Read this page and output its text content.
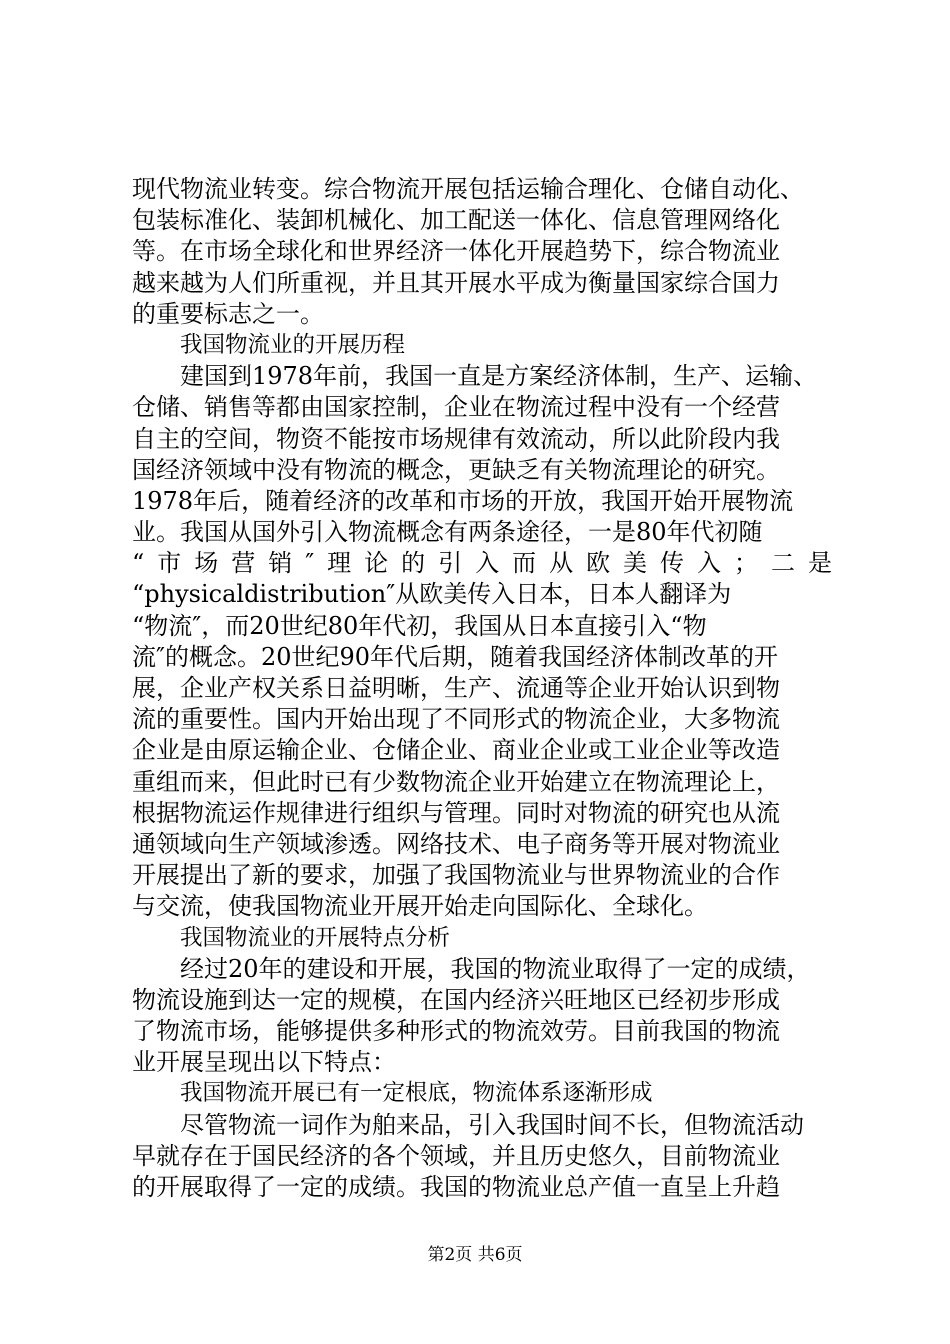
现代物流业转变。综合物流开展包括运输合理化、仓储自动化、
包装标准化、装卸机械化、加工配送一体化、信息管理网络化
等。在市场全球化和世界经济一体化开展趋势下，综合物流业
越来越为人们所重视，并且其开展水平成为衡量国家综合国力
的重要标志之一。
我国物流业的开展历程
建国到1978年前，我国一直是方案经济体制，生产、运输、
仓储、销售等都由国家控制，企业在物流过程中没有一个经营
自主的空间，物资不能按市场规律有效流动，所以此阶段内我
国经济领域中没有物流的概念，更缺乏有关物流理论的研究。
1978年后，随着经济的改革和市场的开放，我国开始开展物流
业。我国从国外引入物流概念有两条途径，一是80年代初随
“市场营销″理论的引入而从欧美传入；二是
“physicaldistribution″从欧美传入日本，日本人翻译为
“物流″，而20世纪80年代初，我国从日本直接引入“物
流″的概念。20世纪90年代后期，随着我国经济体制改革的开
展，企业产权关系日益明晰，生产、流通等企业开始认识到物
流的重要性。国内开始出现了不同形式的物流企业，大多物流
企业是由原运输企业、仓储企业、商业企业或工业企业等改造
重组而来，但此时已有少数物流企业开始建立在物流理论上，
根据物流运作规律进行组织与管理。同时对物流的研究也从流
通领域向生产领域渗透。网络技术、电子商务等开展对物流业
开展提出了新的要求，加强了我国物流业与世界物流业的合作
与交流，使我国物流业开展开始走向国际化、全球化。
我国物流业的开展特点分析
经过20年的建设和开展，我国的物流业取得了一定的成绩，
物流设施到达一定的规模，在国内经济兴旺地区已经初步形成
了物流市场，能够提供多种形式的物流效劳。目前我国的物流
业开展呈现出以下特点：
我国物流开展已有一定根底，物流体系逐渐形成
尽管物流一词作为舶来品，引入我国时间不长，但物流活动
早就存在于国民经济的各个领域，并且历史悠久，目前物流业
的开展取得了一定的成绩。我国的物流业总产值一直呈上升趋
第2页 共6页
